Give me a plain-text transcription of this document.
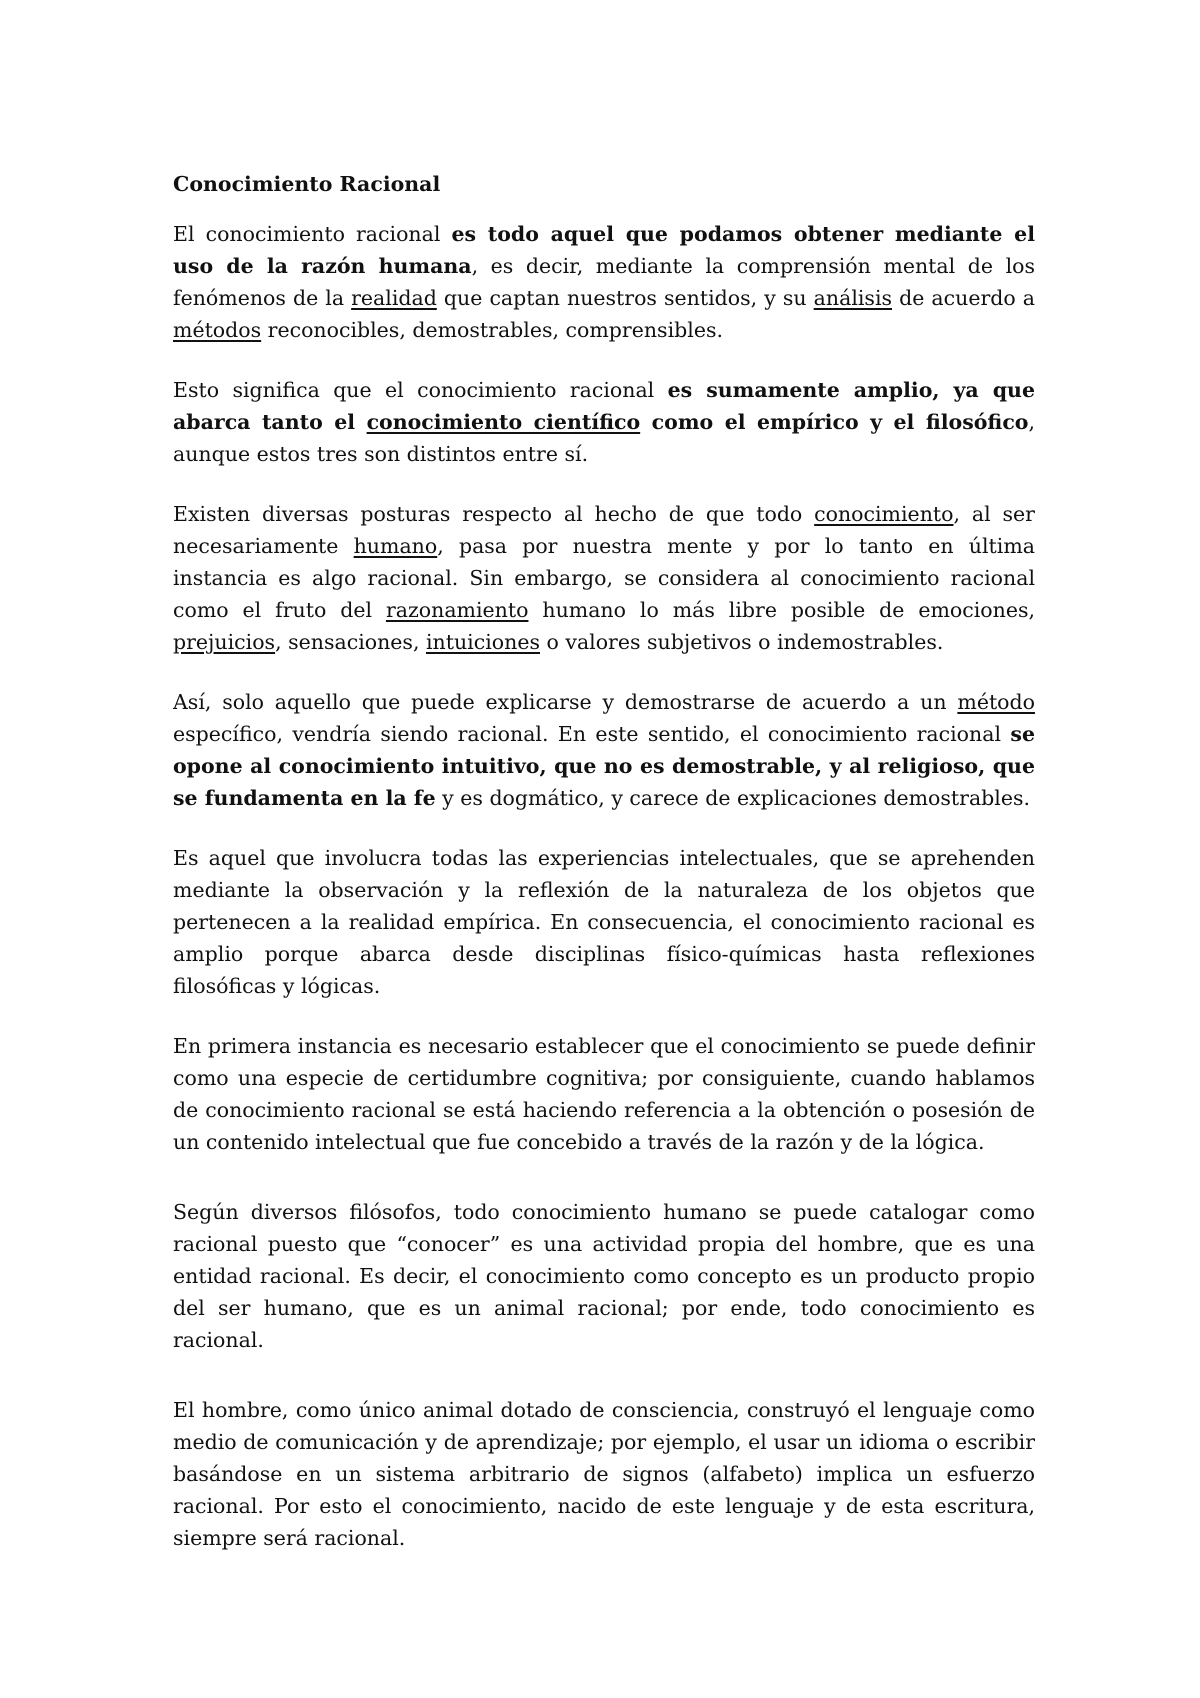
Conocimiento Racional

El conocimiento racional es todo aquel que podamos obtener mediante el uso de la razón humana, es decir, mediante la comprensión mental de los fenómenos de la realidad que captan nuestros sentidos, y su análisis de acuerdo a métodos reconocibles, demostrables, comprensibles.

Esto significa que el conocimiento racional es sumamente amplio, ya que abarca tanto el conocimiento científico como el empírico y el filosófico, aunque estos tres son distintos entre sí.

Existen diversas posturas respecto al hecho de que todo conocimiento, al ser necesariamente humano, pasa por nuestra mente y por lo tanto en última instancia es algo racional. Sin embargo, se considera al conocimiento racional como el fruto del razonamiento humano lo más libre posible de emociones, prejuicios, sensaciones, intuiciones o valores subjetivos o indemostrables.

Así, solo aquello que puede explicarse y demostrarse de acuerdo a un método específico, vendría siendo racional. En este sentido, el conocimiento racional se opone al conocimiento intuitivo, que no es demostrable, y al religioso, que se fundamenta en la fe y es dogmático, y carece de explicaciones demostrables.

Es aquel que involucra todas las experiencias intelectuales, que se aprehenden mediante la observación y la reflexión de la naturaleza de los objetos que pertenecen a la realidad empírica. En consecuencia, el conocimiento racional es amplio porque abarca desde disciplinas físico-químicas hasta reflexiones filosóficas y lógicas.

En primera instancia es necesario establecer que el conocimiento se puede definir como una especie de certidumbre cognitiva; por consiguiente, cuando hablamos de conocimiento racional se está haciendo referencia a la obtención o posesión de un contenido intelectual que fue concebido a través de la razón y de la lógica.

Según diversos filósofos, todo conocimiento humano se puede catalogar como racional puesto que “conocer” es una actividad propia del hombre, que es una entidad racional. Es decir, el conocimiento como concepto es un producto propio del ser humano, que es un animal racional; por ende, todo conocimiento es racional.

El hombre, como único animal dotado de consciencia, construyó el lenguaje como medio de comunicación y de aprendizaje; por ejemplo, el usar un idioma o escribir basándose en un sistema arbitrario de signos (alfabeto) implica un esfuerzo racional. Por esto el conocimiento, nacido de este lenguaje y de esta escritura, siempre será racional.
